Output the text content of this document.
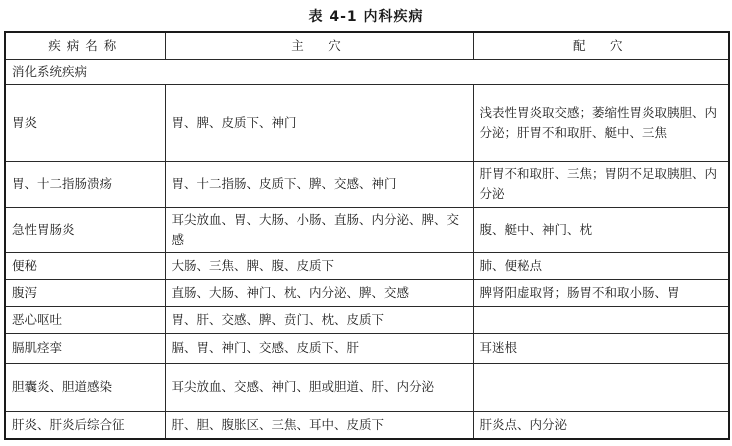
表 4-1 内科疾病
疾病名称	主　穴	配　穴
消化系统疾病		
胃炎	胃、脾、皮质下、神门	浅表性胃炎取交感；萎缩性胃炎取胰胆、内分泌；肝胃不和取肝、艇中、三焦
胃、十二指肠溃疡	胃、十二指肠、皮质下、脾、交感、神门	肝胃不和取肝、三焦；胃阴不足取胰胆、内分泌
急性胃肠炎	耳尖放血、胃、大肠、小肠、直肠、内分泌、脾、交感	腹、艇中、神门、枕
便秘	大肠、三焦、脾、腹、皮质下	肺、便秘点
腹泻	直肠、大肠、神门、枕、内分泌、脾、交感	脾肾阳虚取肾；肠胃不和取小肠、胃
恶心呕吐	胃、肝、交感、脾、贲门、枕、皮质下	
膈肌痉挛	膈、胃、神门、交感、皮质下、肝	耳迷根
胆囊炎、胆道感染	耳尖放血、交感、神门、胆或胆道、肝、内分泌	
肝炎、肝炎后综合征	肝、胆、腹胀区、三焦、耳中、皮质下	肝炎点、内分泌
